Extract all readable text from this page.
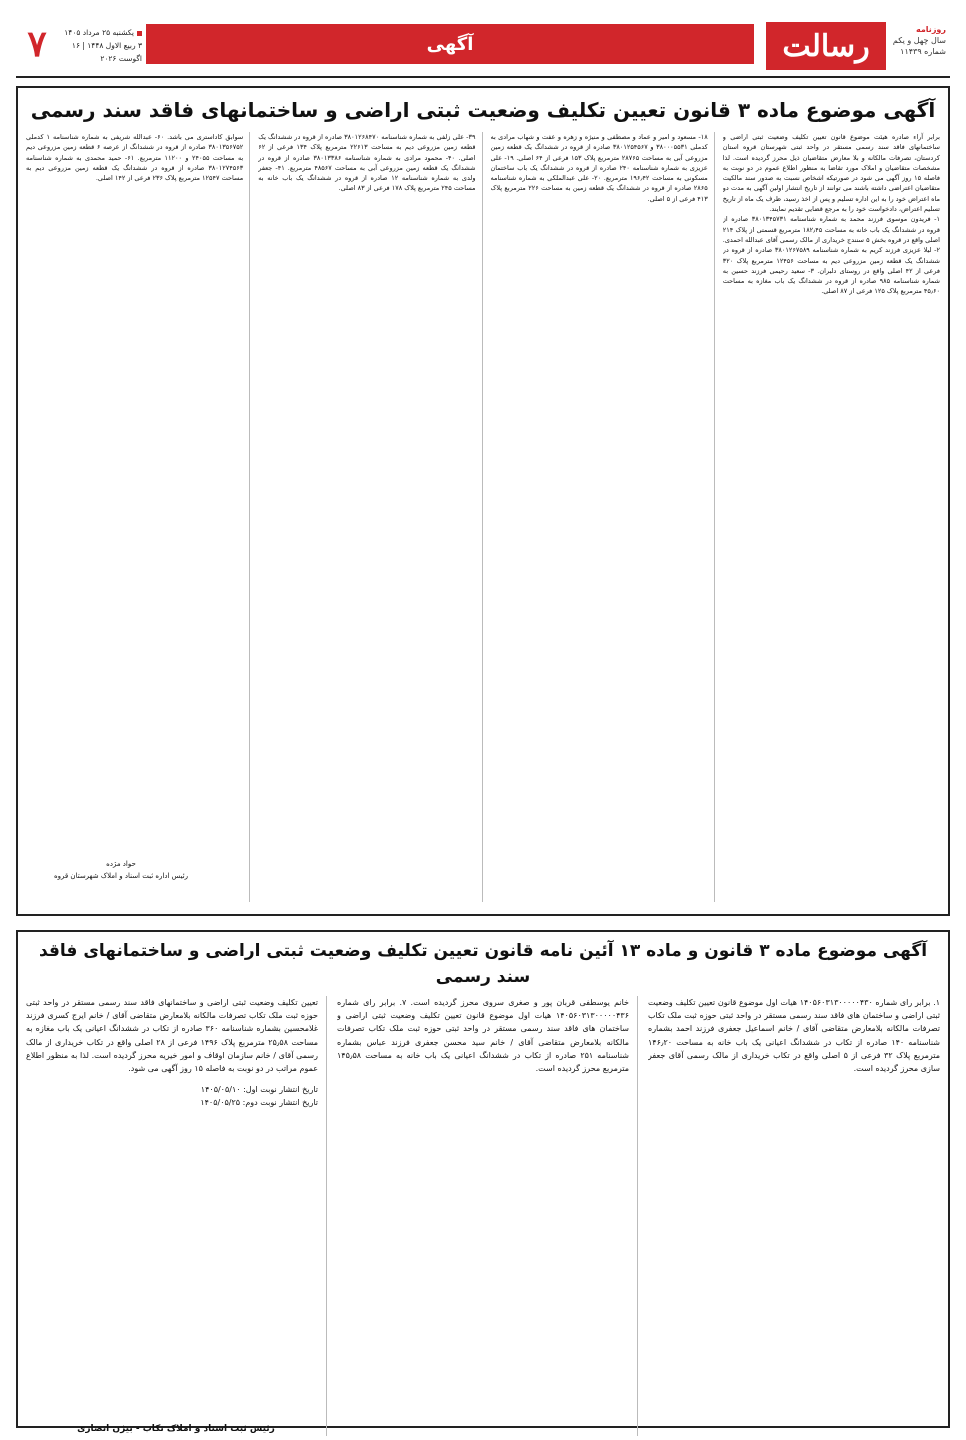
روزنامه
سال چهل و یکم
شماره ۱۱۴۳۹
رسالت
آگهی
یکشنبه ۲۵ مرداد ۱۴۰۵
۳ ربیع الاول ۱۴۴۸ | ۱۶ اگوست ۲۰۲۶
۷
آگهی موضوع ماده ۳ قانون تعیین تکلیف وضعیت ثبتی اراضی و ساختمانهای فاقد سند رسمی

برابر آراء صادره هیئت موضوع قانون تعیین تکلیف وضعیت ثبتی اراضی و ساختمانهای فاقد سند رسمی مستقر در واحد ثبتی شهرستان قروه استان کردستان، تصرفات مالکانه و بلا معارض متقاضیان ذیل محرز گردیده است. لذا مشخصات متقاضیان و املاک مورد تقاضا به منظور اطلاع عموم در دو نوبت به فاصله ۱۵ روز آگهی می شود در صورتیکه اشخاص نسبت به صدور سند مالکیت متقاضیان اعتراضی داشته باشند می توانند از تاریخ انتشار اولین آگهی به مدت دو ماه اعتراض خود را به این اداره تسلیم و پس از اخذ رسید، ظرف یک ماه از تاریخ تسلیم اعتراض، دادخواست خود را به مرجع قضایی تقدیم نمایند.

۱- فریدون موسوی فرزند محمد به شماره شناسنامه ۳۸۰۱۳۴۵۷۳۱ صادره از قروه در ششدانگ یک باب خانه به مساحت ۱۸۲٫۴۵ مترمربع قسمتی از پلاک ۲۱۴ اصلی واقع در قروه بخش ۵ سنندج خریداری از مالک رسمی آقای عبدالله احمدی. ۲- لیلا عزیزی فرزند کریم به شماره شناسنامه ۳۸۰۱۲۶۷۵۸۹ صادره از قروه در ششدانگ یک قطعه زمین مزروعی دیم به مساحت ۱۲۴۵۶ مترمربع پلاک ۳۲۰ فرعی از ۴۲ اصلی واقع در روستای دلبران. ۳- سعید رحیمی فرزند حسین به شماره شناسنامه ۹۸۵ صادره از قروه در ششدانگ یک باب مغازه به مساحت ۴۵٫۶۰ مترمربع پلاک ۱۲۵ فرعی از ۸۷ اصلی.

۱۸- مسعود و امیر و عماد و مصطفی و منیژه و زهره و عفت و شهاب مرادی به کدملی ۳۸۰۰۰۵۵۳۱ و ۳۸۰۱۲۵۴۵۶۷ صادره از قروه در ششدانگ یک قطعه زمین مزروعی آبی به مساحت ۲۸۷۶۵ مترمربع پلاک ۱۵۳ فرعی از ۶۴ اصلی. ۱۹- علی عزیزی به شماره شناسنامه ۲۴۰ صادره از قروه در ششدانگ یک باب ساختمان مسکونی به مساحت ۱۹۶٫۴۲ مترمربع. ۲۰- علی عبدالملکی به شماره شناسنامه ۲۸۶۵ صادره از قروه در ششدانگ یک قطعه زمین به مساحت ۲۲۶ مترمربع پلاک ۴۱۳ فرعی از ۵ اصلی.

۳۹- علی زلفی به شماره شناسنامه ۳۸۰۱۲۶۸۴۷۰ صادره از قروه در ششدانگ یک قطعه زمین مزروعی دیم به مساحت ۲۲۶۱۳ مترمربع پلاک ۱۳۴ فرعی از ۶۲ اصلی. ۴۰- محمود مرادی به شماره شناسنامه ۳۸۰۱۳۳۸۶ صادره از قروه در ششدانگ یک قطعه زمین مزروعی آبی به مساحت ۴۸۵۶۷ مترمربع. ۴۱- جعفر ولدی به شماره شناسنامه ۱۲ صادره از قروه در ششدانگ یک باب خانه به مساحت ۲۴۵ مترمربع پلاک ۱۷۸ فرعی از ۸۳ اصلی.

سوابق کاداستری می باشد. ۶۰- عبدالله شریفی به شماره شناسنامه ۱ کدملی ۳۸۰۱۳۵۶۷۵۲ صادره از قروه در ششدانگ از عرصه ۶ قطعه زمین مزروعی دیم به مساحت ۲۴۰۵۵ و ۱۱۲۰۰ مترمربع. ۶۱- حمید محمدی به شماره شناسنامه ۳۸۰۱۲۷۴۵۶۳ صادره از قروه در ششدانگ یک قطعه زمین مزروعی دیم به مساحت ۱۲۵۴۷ مترمربع پلاک ۲۳۶ فرعی از ۱۴۲ اصلی.

حواد مژده
رئیس اداره ثبت اسناد و املاک شهرستان قروه
آگهی موضوع ماده ۳ قانون و ماده ۱۳ آئین نامه قانون تعیین تکلیف وضعیت ثبتی اراضی و ساختمانهای فاقد سند رسمی

۱. برابر رای شماره ۱۴۰۵۶۰۳۱۳۰۰۰۰۰۴۳۰ هیات اول موضوع قانون تعیین تکلیف وضعیت ثبتی اراضی و ساختمان های فاقد سند رسمی مستقر در واحد ثبتی حوزه ثبت ملک تکاب تصرفات مالکانه بلامعارض متقاضی آقای / خانم اسماعیل جعفری فرزند احمد بشماره شناسنامه ۱۴۰ صادره از تکاب در ششدانگ اعیانی یک باب خانه به مساحت ۱۴۶٫۲۰ مترمربع پلاک ۳۲ فرعی از ۵ اصلی واقع در تکاب خریداری از مالک رسمی آقای جعفر سازی محرز گردیده است.

خانم یوسطفی قربان پور و صغری سروی محرز گردیده است. ۷. برابر رای شماره ۱۴۰۵۶۰۳۱۳۰۰۰۰۰۴۳۶ هیات اول موضوع قانون تعیین تکلیف وضعیت ثبتی اراضی و ساختمان های فاقد سند رسمی مستقر در واحد ثبتی حوزه ثبت ملک تکاب تصرفات مالکانه بلامعارض متقاضی آقای / خانم سید محسن جعفری فرزند عباس بشماره شناسنامه ۲۵۱ صادره از تکاب در ششدانگ اعیانی یک باب خانه به مساحت ۱۴۵٫۵۸ مترمربع محرز گردیده است.

تعیین تکلیف وضعیت ثبتی اراضی و ساختمانهای فاقد سند رسمی مستقر در واحد ثبتی حوزه ثبت ملک تکاب تصرفات مالکانه بلامعارض متقاضی آقای / خانم ایرج کسری فرزند غلامحسین بشماره شناسنامه ۳۶۰ صادره از تکاب در ششدانگ اعیانی یک باب مغازه به مساحت ۲۵٫۵۸ مترمربع پلاک ۱۴۹۶ فرعی از ۲۸ اصلی واقع در تکاب خریداری از مالک رسمی آقای / خانم سازمان اوقاف و امور خیریه محرز گردیده است. لذا به منظور اطلاع عموم مراتب در دو نوبت به فاصله ۱۵ روز آگهی می شود.

تاریخ انتشار نوبت اول: ۱۴۰۵/۰۵/۱۰
تاریخ انتشار نوبت دوم: ۱۴۰۵/۰۵/۲۵
رئیس ثبت اسناد و املاک تکاب - بیژن انصاری
